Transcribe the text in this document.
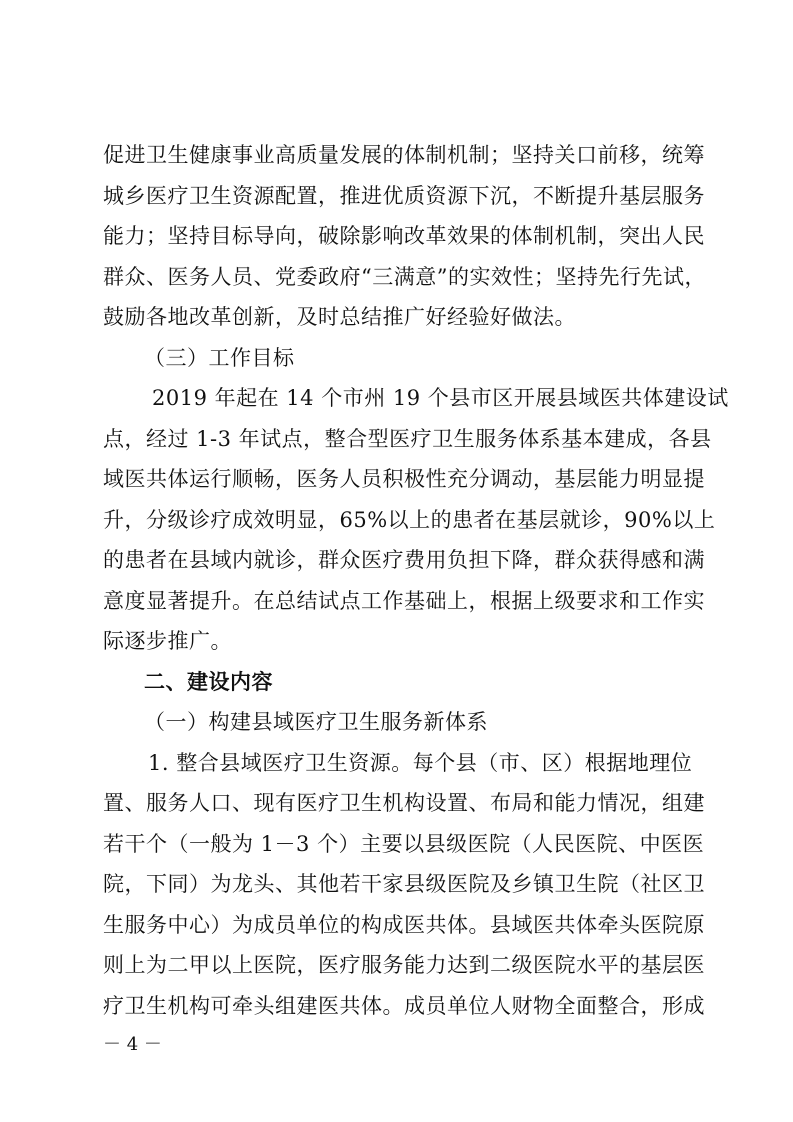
促进卫生健康事业高质量发展的体制机制；坚持关口前移，统筹
城乡医疗卫生资源配置，推进优质资源下沉，不断提升基层服务
能力；坚持目标导向，破除影响改革效果的体制机制，突出人民
群众、医务人员、党委政府“三满意”的实效性；坚持先行先试，
鼓励各地改革创新，及时总结推广好经验好做法。
（三）工作目标
2019 年起在 14 个市州 19 个县市区开展县域医共体建设试
点，经过 1-3 年试点，整合型医疗卫生服务体系基本建成，各县
域医共体运行顺畅，医务人员积极性充分调动，基层能力明显提
升，分级诊疗成效明显，65%以上的患者在基层就诊，90%以上
的患者在县域内就诊，群众医疗费用负担下降，群众获得感和满
意度显著提升。在总结试点工作基础上，根据上级要求和工作实
际逐步推广。
二、建设内容
（一）构建县域医疗卫生服务新体系
1. 整合县域医疗卫生资源。每个县（市、区）根据地理位
置、服务人口、现有医疗卫生机构设置、布局和能力情况，组建
若干个（一般为 1－3 个）主要以县级医院（人民医院、中医医
院，下同）为龙头、其他若干家县级医院及乡镇卫生院（社区卫
生服务中心）为成员单位的构成医共体。县域医共体牵头医院原
则上为二甲以上医院，医疗服务能力达到二级医院水平的基层医
疗卫生机构可牵头组建医共体。成员单位人财物全面整合，形成
－ 4 －
